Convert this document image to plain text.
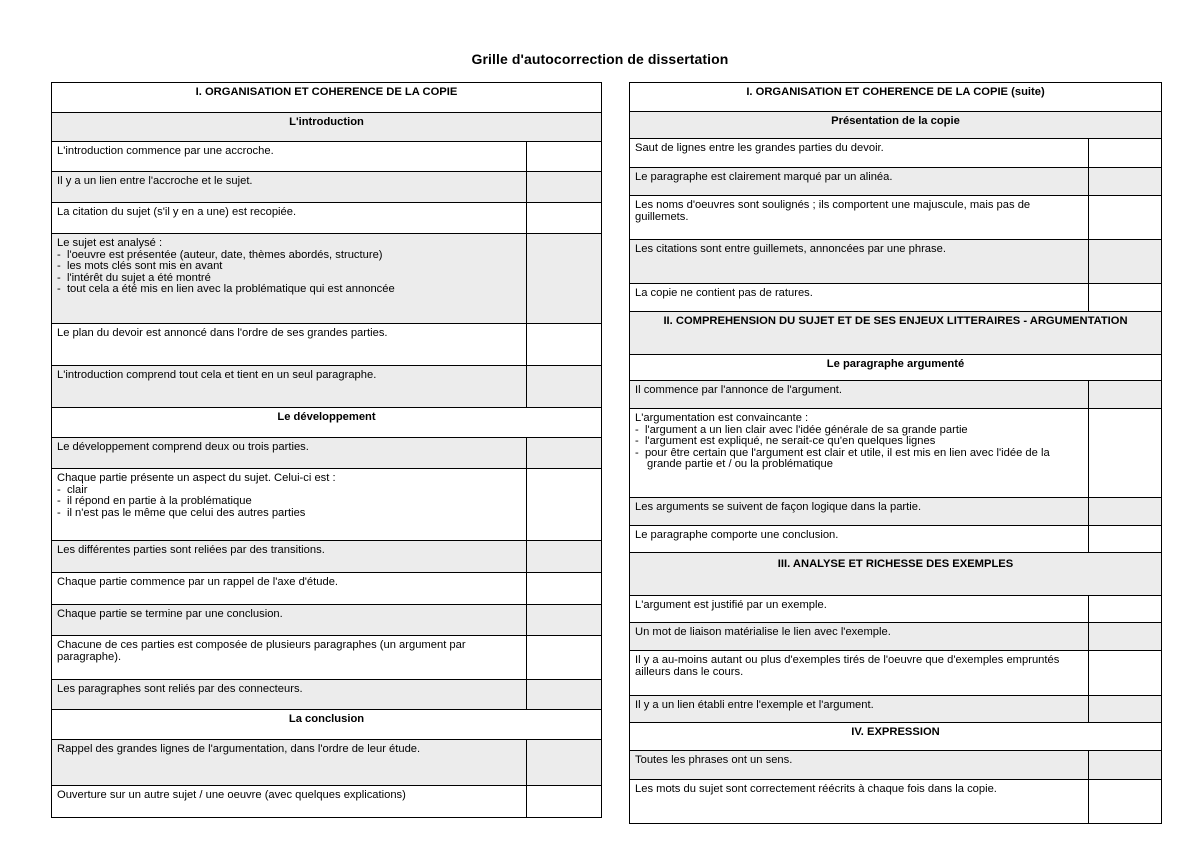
Grille d'autocorrection de dissertation
I. ORGANISATION ET COHERENCE DE LA COPIE	
L'introduction	
L'introduction commence par une accroche.	
Il y a un lien entre l'accroche et le sujet.	
La citation du sujet (s'il y en a une) est recopiée.	

Le sujet est analysé :
-  l'oeuvre est présentée (auteur, date, thèmes abordés, structure)
-  les mots clés sont mis en avant
-  l'intérêt du sujet a été montré
-  tout cela a été mis en lien avec la problématique qui est annoncée	

Le plan du devoir est annoncé dans l'ordre de ses grandes parties.	
L'introduction comprend tout cela et tient en un seul paragraphe.	
Le développement	
Le développement comprend deux ou trois parties.	

Chaque partie présente un aspect du sujet. Celui-ci est :
-  clair
-  il répond en partie à la problématique
-  il n'est pas le même que celui des autres parties	

Les différentes parties sont reliées par des transitions.	
Chaque partie commence par un rappel de l'axe d'étude.	
Chaque partie se termine par une conclusion.	
Chacune de ces parties est composée de plusieurs paragraphes (un argument par paragraphe).	
Les paragraphes sont reliés par des connecteurs.	
La conclusion	
Rappel des grandes lignes de l'argumentation, dans l'ordre de leur étude.	
Ouverture sur un autre sujet / une oeuvre (avec quelques explications)	
I. ORGANISATION ET COHERENCE DE LA COPIE (suite)	
Présentation de la copie	
Saut de lignes entre les grandes parties du devoir.	
Le paragraphe est clairement marqué par un alinéa.	
Les noms d'oeuvres sont soulignés ; ils comportent une majuscule, mais pas de guillemets.	
Les citations sont entre guillemets, annoncées par une phrase.	
La copie ne contient pas de ratures.	
II. COMPREHENSION DU SUJET ET DE SES ENJEUX LITTERAIRES - ARGUMENTATION	
Le paragraphe argumenté	
Il commence par l'annonce de l'argument.	

L'argumentation est convaincante :
-  l'argument a un lien clair avec l'idée générale de sa grande partie
-  l'argument est expliqué, ne serait-ce qu'en quelques lignes
-  pour être certain que l'argument est clair et utile, il est mis en lien avec l'idée de la grande partie et / ou la problématique	

Les arguments se suivent de façon logique dans la partie.	
Le paragraphe comporte une conclusion.	
III. ANALYSE ET RICHESSE DES EXEMPLES	
L'argument est justifié par un exemple.	
Un mot de liaison matérialise le lien avec l'exemple.	
Il y a au-moins autant ou plus d'exemples tirés de l'oeuvre que d'exemples empruntés ailleurs dans le cours.	
Il y a un lien établi entre l'exemple et l'argument.	
IV. EXPRESSION	
Toutes les phrases ont un sens.	
Les mots du sujet sont correctement réécrits à chaque fois dans la copie.	
